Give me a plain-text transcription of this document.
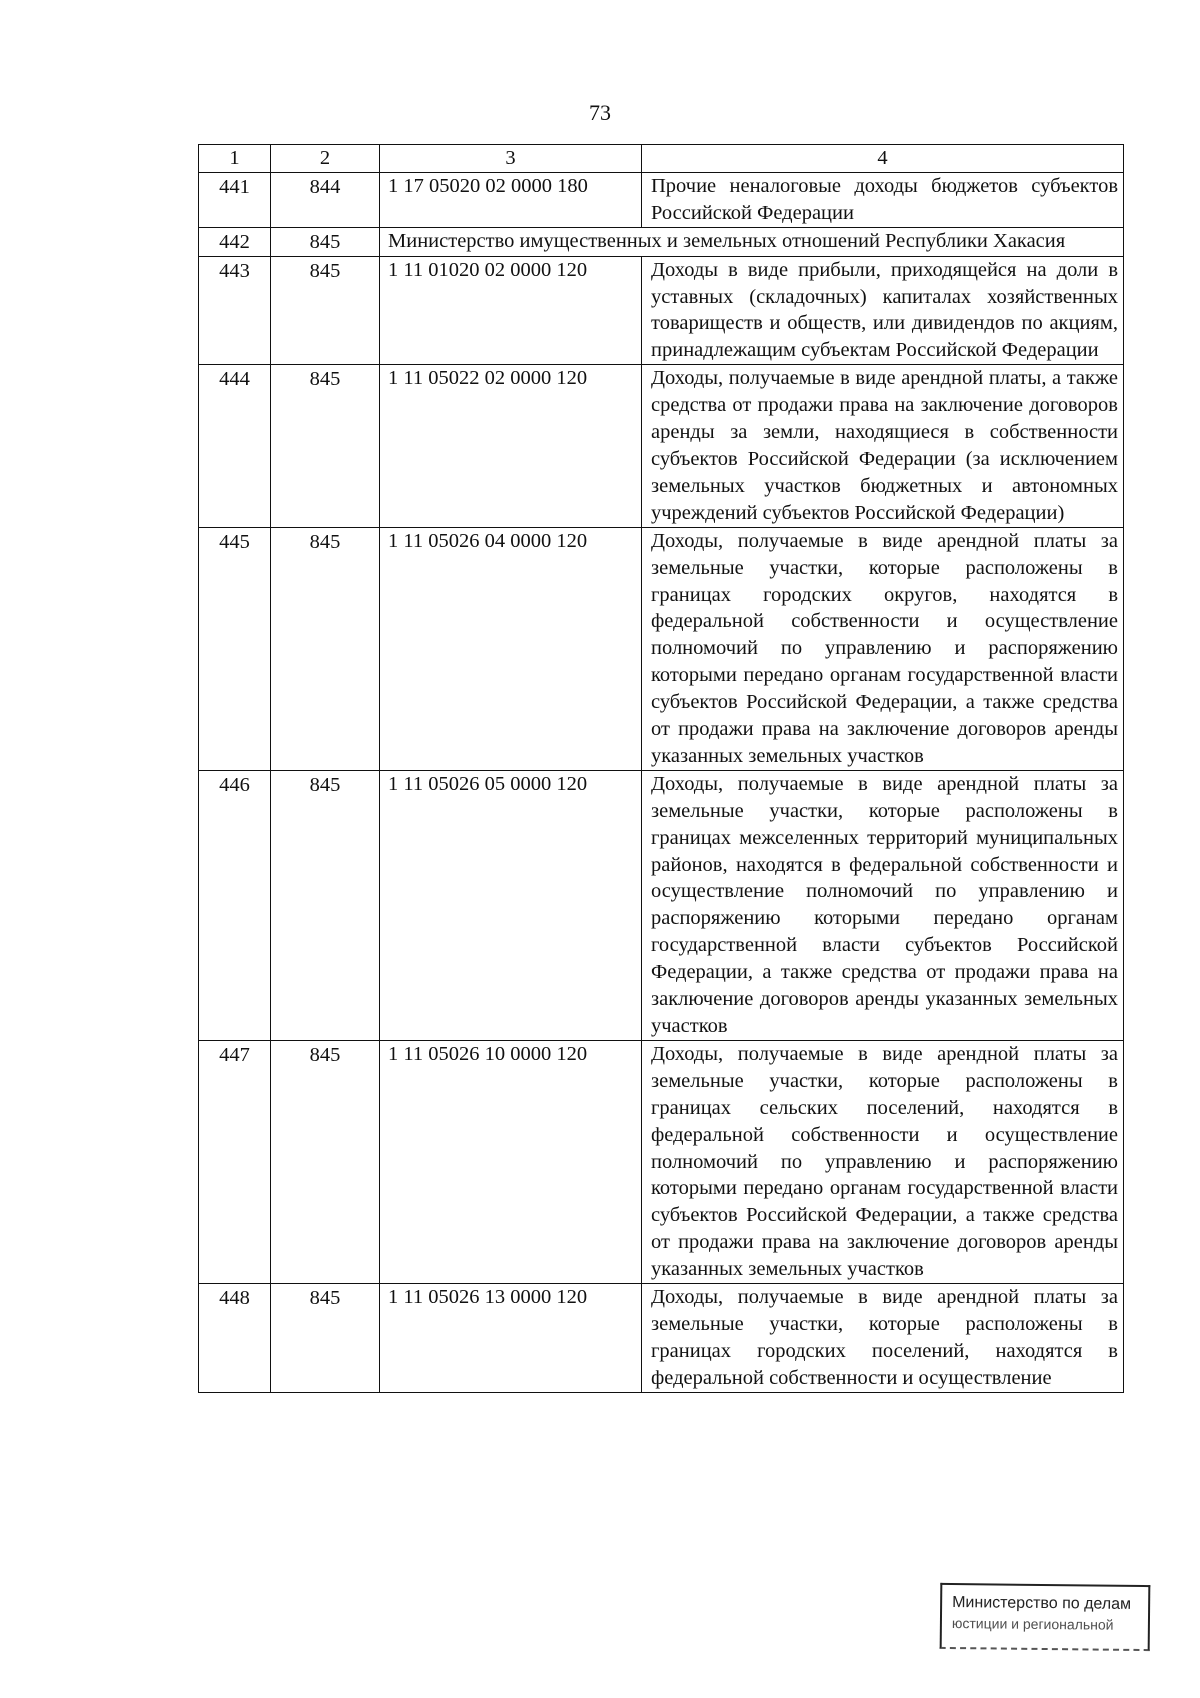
73
1	2	3	4
441	844	1 17 05020 02 0000 180	Прочие неналоговые доходы бюджетов субъектов Российской Федерации
442	845	Министерство имущественных и земельных отношений Республики Хакасия	
443	845	1 11 01020 02 0000 120	Доходы в виде прибыли, приходящейся на доли в уставных (складочных) капиталах хозяйственных товариществ и обществ, или дивидендов по акциям, принадлежащим субъектам Российской Федерации
444	845	1 11 05022 02 0000 120	Доходы, получаемые в виде арендной платы, а также средства от продажи права на заключение договоров аренды за земли, находящиеся в собственности субъектов Российской Федерации (за исключением земельных участков бюджетных и автономных учреждений субъектов Российской Федерации)
445	845	1 11 05026 04 0000 120	Доходы, получаемые в виде арендной платы за земельные участки, которые расположены в границах городских округов, находятся в федеральной собственности и осуществление полномочий по управлению и распоряжению которыми передано органам государственной власти субъектов Российской Федерации, а также средства от продажи права на заключение договоров аренды указанных земельных участков
446	845	1 11 05026 05 0000 120	Доходы, получаемые в виде арендной платы за земельные участки, которые расположены в границах межселенных территорий муниципальных районов, находятся в федеральной собственности и осуществление полномочий по управлению и распоряжению которыми передано органам государственной власти субъектов Российской Федерации, а также средства от продажи права на заключение договоров аренды указанных земельных участков
447	845	1 11 05026 10 0000 120	Доходы, получаемые в виде арендной платы за земельные участки, которые расположены в границах сельских поселений, находятся в федеральной собственности и осуществление полномочий по управлению и распоряжению которыми передано органам государственной власти субъектов Российской Федерации, а также средства от продажи права на заключение договоров аренды указанных земельных участков
448	845	1 11 05026 13 0000 120	Доходы, получаемые в виде арендной платы за земельные участки, которые расположены в границах городских поселений, находятся в федеральной собственности и осуществление
Министерство по делам
юстиции и региональной
